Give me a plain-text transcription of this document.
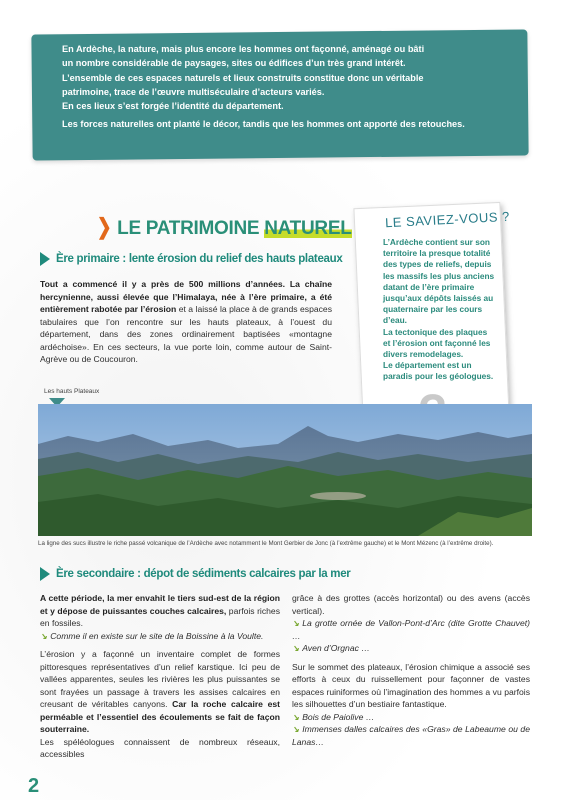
En Ardèche, la nature, mais plus encore les hommes ont façonné, aménagé ou bâti

un nombre considérable de paysages, sites ou édifices d’un très grand intérêt.

L’ensemble de ces espaces naturels et lieux construits constitue donc un véritable

patrimoine, trace de l’œuvre multiséculaire d’acteurs variés.

En ces lieux s’est forgée l’identité du département.

Les forces naturelles ont planté le décor, tandis que les hommes ont apporté des retouches.

❯ LE PATRIMOINE NATUREL
Ère primaire : lente érosion du relief des hauts plateaux

Tout a commencé il y a près de 500 millions d’années. La chaîne hercynienne, aussi élevée que l’Himalaya, née à l’ère primaire, a été entièrement rabotée par l’érosion et a laissé la place à de grands espaces tabulaires que l’on rencontre sur les hauts plateaux, à l’ouest du département, dans des zones ordinairement baptisées «montagne ardéchoise». En ces secteurs, la vue porte loin, comme autour de Saint-Agrève ou de Coucouron.

LE SAVIEZ-VOUS ?

L’Ardèche contient sur son territoire la presque totalité des types de reliefs, depuis les massifs les plus anciens datant de l’ère primaire jusqu’aux dépôts laissés au quaternaire par les cours d’eau.

La tectonique des plaques et l’érosion ont façonné les divers remodelages.

Le département est un paradis pour les géologues.

Les hauts Plateaux
La ligne des sucs illustre le riche passé volcanique de l’Ardèche avec notamment le Mont Gerbier de Jonc (à l’extrême gauche) et le Mont Mézenc (à l’extrême droite).
Ère secondaire : dépot de sédiments calcaires par la mer

A cette période, la mer envahit le tiers sud-est de la région et y dépose de puissantes couches calcaires, parfois riches en fossiles.

↘ Comme il en existe sur le site de la Boissine à la Voulte.

L’érosion y a façonné un inventaire complet de formes pittoresques représentatives d’un relief karstique. Ici peu de vallées apparentes, seules les rivières les plus puissantes se sont frayées un passage à travers les assises calcaires en creusant de véritables canyons. Car la roche calcaire est perméable et l’essentiel des écoulements se fait de façon souterraine.

Les spéléologues connaissent de nombreux réseaux, accessibles

grâce à des grottes (accès horizontal) ou des avens (accès vertical).

↘ La grotte ornée de Vallon-Pont-d’Arc (dite Grotte Chauvet) …

↘ Aven d’Orgnac …

Sur le sommet des plateaux, l’érosion chimique a associé ses efforts à ceux du ruissellement pour façonner de vastes espaces ruiniformes où l’imagination des hommes a vu parfois les silhouettes d’un bestiaire fantastique.

↘ Bois de Paiolive …

↘ Immenses dalles calcaires des «Gras» de Labeaume ou de Lanas…

2
